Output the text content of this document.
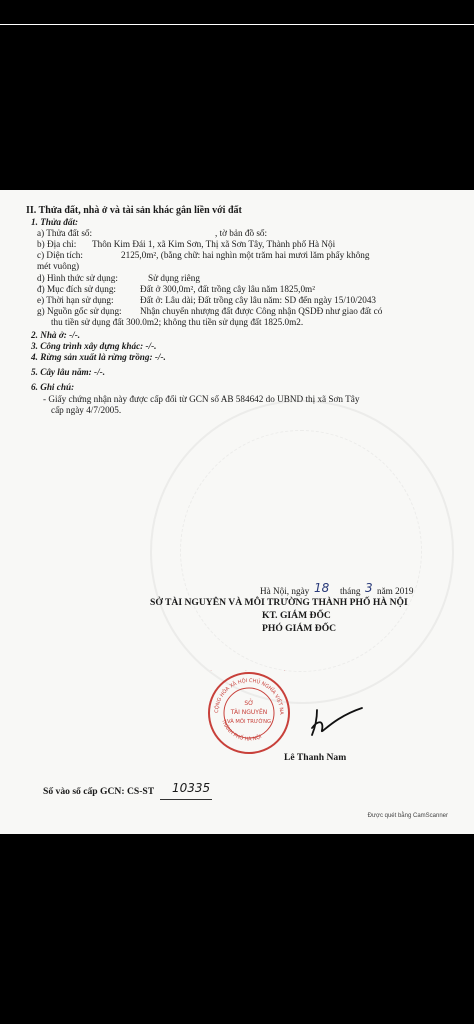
II. Thửa đất, nhà ở và tài sản khác gắn liền với đất
1. Thửa đất:
a) Thửa đất số:	, tờ bản đồ số:
b) Địa chỉ: Thôn Kim Đái 1, xã Kim Sơn, Thị xã Sơn Tây, Thành phố Hà Nội
c) Diện tích:	2125,0m², (bằng chữ: hai nghìn một trăm hai mươi lăm phẩy không
mét vuông)
d) Hình thức sử dụng:	Sử dụng riêng
đ) Mục đích sử dụng:	Đất ở 300,0m², đất trồng cây lâu năm 1825,0m²
e) Thời hạn sử dụng:	Đất ở: Lâu dài; Đất trồng cây lâu năm: SD đến ngày 15/10/2043
g) Nguồn gốc sử dụng: Nhận chuyển nhượng đất được Công nhận QSDĐ như giao đất có
thu tiền sử dụng đất 300.0m2; không thu tiền sử dụng đất 1825.0m2.
2. Nhà ở: -/-.
3. Công trình xây dựng khác: -/-.
4. Rừng sản xuất là rừng trồng: -/-.
5. Cây lâu năm: -/-.
6. Ghi chú:
- Giấy chứng nhận này được cấp đổi từ GCN số AB 584642 do UBND thị xã Sơn Tây
cấp ngày 4/7/2005.
Hà Nội, ngày 18 tháng 3 năm 2019
SỞ TÀI NGUYÊN VÀ MÔI TRƯỜNG THÀNH PHỐ HÀ NỘI
KT. GIÁM ĐỐC
PHÓ GIÁM ĐỐC
CỘNG HÒA XÃ HỘI CHỦ NGHĨA VIỆT NA
THÀNH PHỐ HÀ NỘI
SỞ
TÀI NGUYÊN
VÀ MÔI TRƯỜNG
Lê Thanh Nam
Số vào sổ cấp GCN: CS-ST 10335
Được quét bằng CamScanner
